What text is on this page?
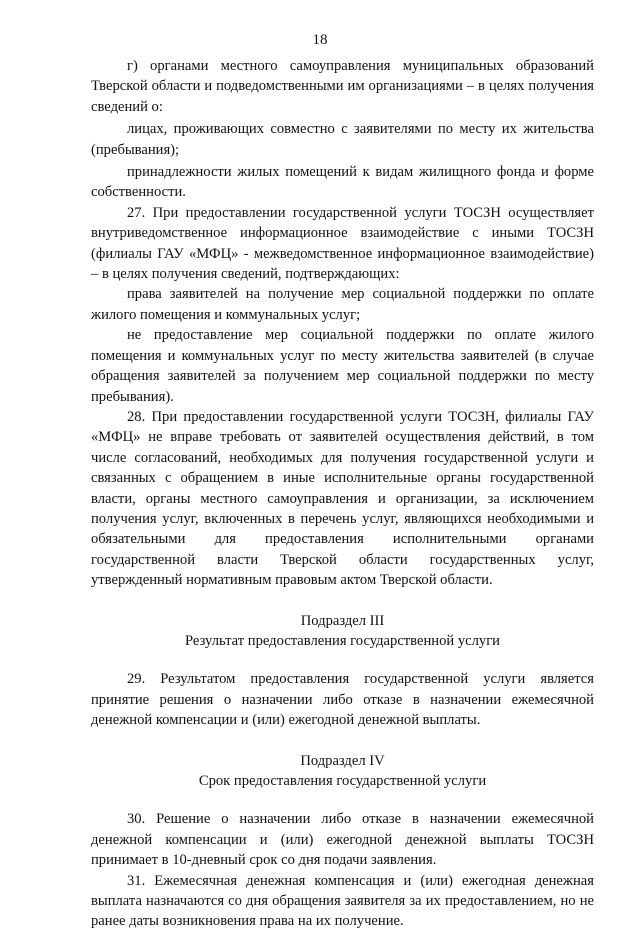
18

г) органами местного самоуправления муниципальных образований Тверской области и подведомственными им организациями – в целях получения сведений о:

лицах, проживающих совместно с заявителями по месту их жительства (пребывания);

принадлежности жилых помещений к видам жилищного фонда и форме собственности.

27. При предоставлении государственной услуги ТОСЗН осуществляет внутриведомственное информационное взаимодействие с иными ТОСЗН (филиалы ГАУ «МФЦ» - межведомственное информационное взаимодействие) – в целях получения сведений, подтверждающих:

права заявителей на получение мер социальной поддержки по оплате жилого помещения и коммунальных услуг;

не предоставление мер социальной поддержки по оплате жилого помещения и коммунальных услуг по месту жительства заявителей (в случае обращения заявителей за получением мер социальной поддержки по месту пребывания).

28. При предоставлении государственной услуги ТОСЗН, филиалы ГАУ «МФЦ» не вправе требовать от заявителей осуществления действий, в том числе согласований, необходимых для получения государственной услуги и связанных с обращением в иные исполнительные органы государственной власти, органы местного самоуправления и организации, за исключением получения услуг, включенных в перечень услуг, являющихся необходимыми и обязательными для предоставления исполнительными органами государственной власти Тверской области государственных услуг, утвержденный нормативным правовым актом Тверской области.

Подраздел III

Результат предоставления государственной услуги

29. Результатом предоставления государственной услуги является принятие решения о назначении либо отказе в назначении ежемесячной денежной компенсации и (или) ежегодной денежной выплаты.

Подраздел IV

Срок предоставления государственной услуги

30. Решение о назначении либо отказе в назначении ежемесячной денежной компенсации и (или) ежегодной денежной выплаты ТОСЗН принимает в 10-дневный срок со дня подачи заявления.

31. Ежемесячная денежная компенсация и (или) ежегодная денежная выплата назначаются со дня обращения заявителя за их предоставлением, но не ранее даты возникновения права на их получение.
